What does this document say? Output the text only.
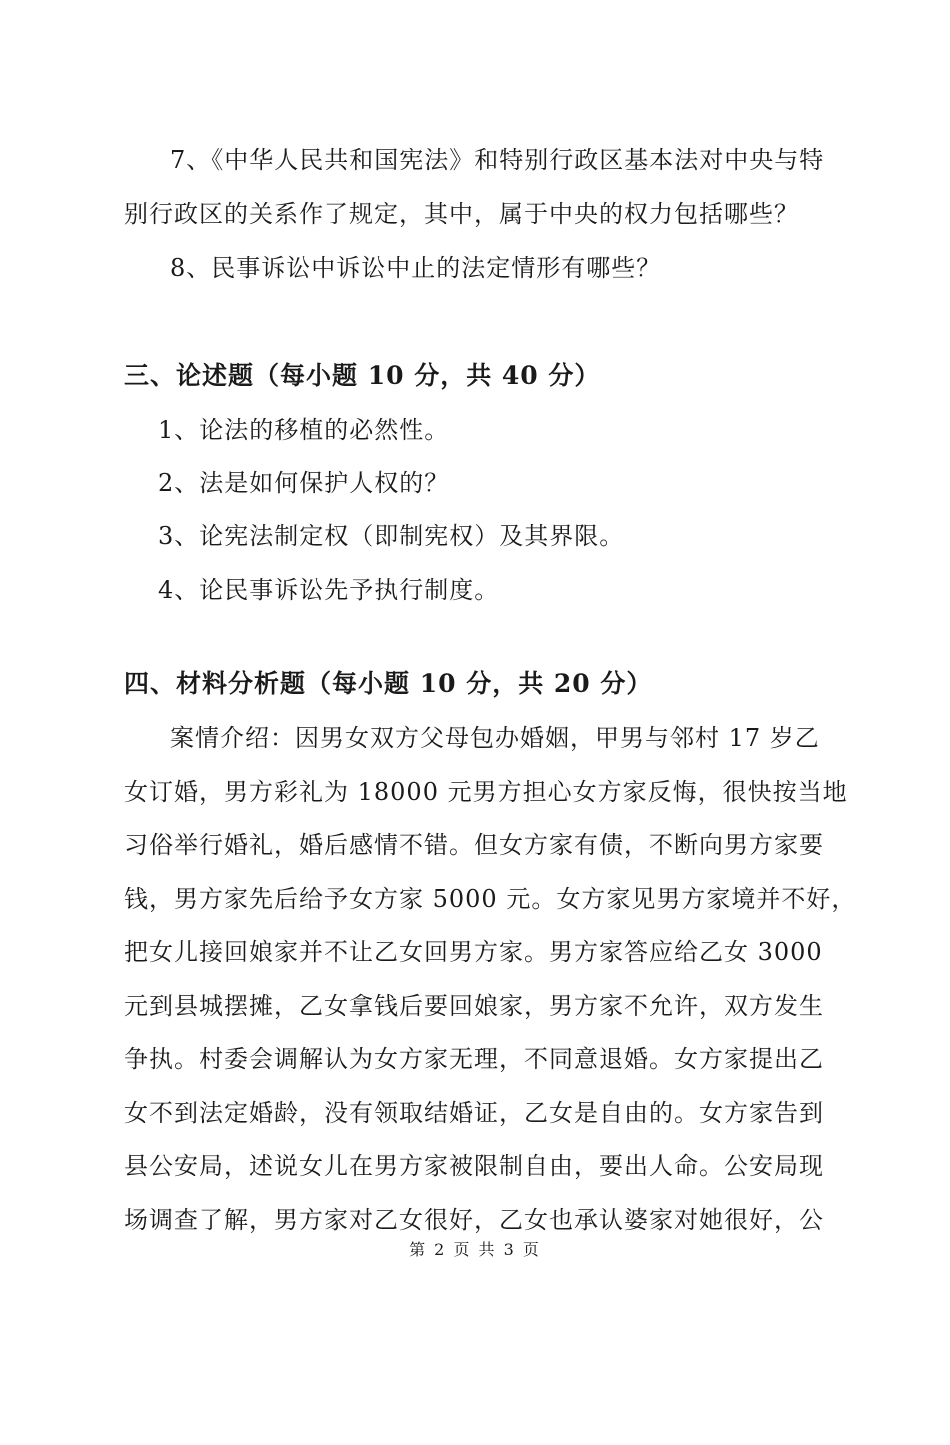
7、《中华人民共和国宪法》和特别行政区基本法对中央与特
别行政区的关系作了规定，其中，属于中央的权力包括哪些？
8、民事诉讼中诉讼中止的法定情形有哪些？
三、论述题（每小题 10 分，共 40 分）
1、论法的移植的必然性。
2、法是如何保护人权的？
3、论宪法制定权（即制宪权）及其界限。
4、论民事诉讼先予执行制度。
四、材料分析题（每小题 10 分，共 20 分）
案情介绍：因男女双方父母包办婚姻，甲男与邻村 17 岁乙
女订婚，男方彩礼为 18000 元男方担心女方家反悔，很快按当地
习俗举行婚礼，婚后感情不错。但女方家有债，不断向男方家要
钱，男方家先后给予女方家 5000 元。女方家见男方家境并不好，
把女儿接回娘家并不让乙女回男方家。男方家答应给乙女 3000
元到县城摆摊，乙女拿钱后要回娘家，男方家不允许，双方发生
争执。村委会调解认为女方家无理，不同意退婚。女方家提出乙
女不到法定婚龄，没有领取结婚证，乙女是自由的。女方家告到
县公安局，述说女儿在男方家被限制自由，要出人命。公安局现
场调查了解，男方家对乙女很好，乙女也承认婆家对她很好，公
第 2 页 共 3 页
